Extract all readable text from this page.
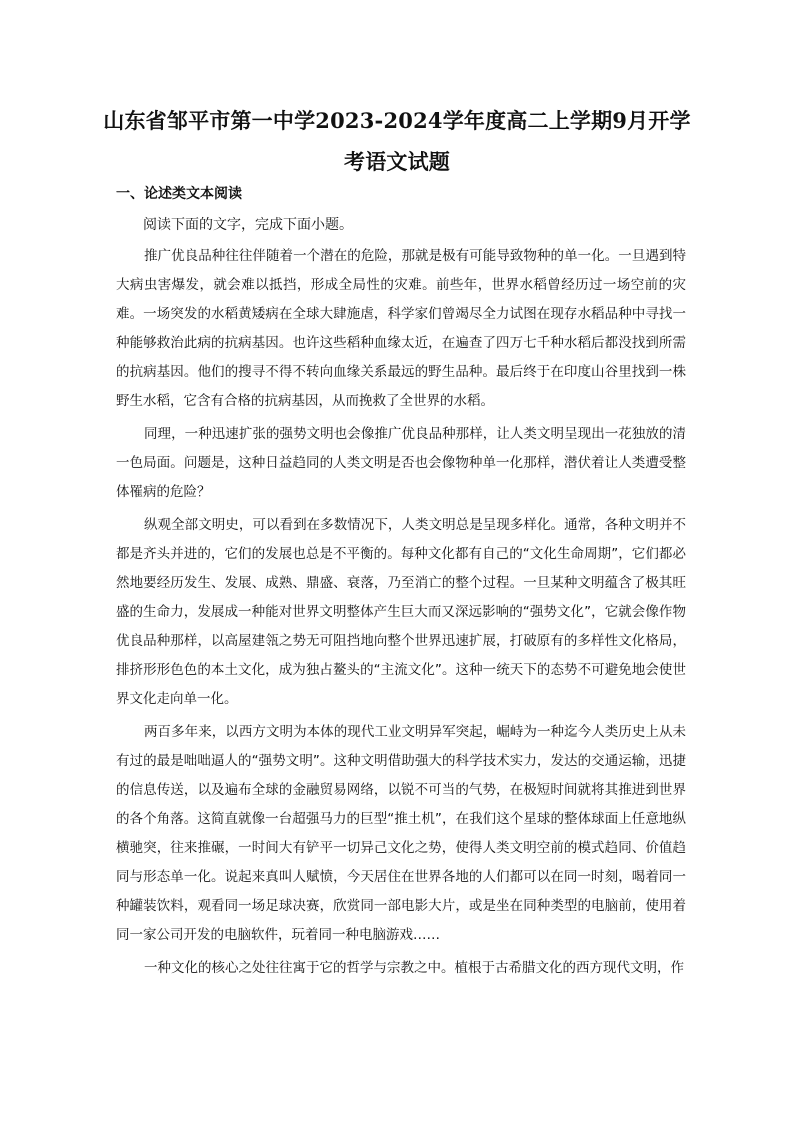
山东省邹平市第一中学2023-2024学年度高二上学期9月开学考语文试题
一、论述类文本阅读
阅读下面的文字，完成下面小题。

推广优良品种往往伴随着一个潜在的危险，那就是极有可能导致物种的单一化。一旦遇到特大病虫害爆发，就会难以抵挡，形成全局性的灾难。前些年，世界水稻曾经历过一场空前的灾难。一场突发的水稻黄矮病在全球大肆施虐，科学家们曾竭尽全力试图在现存水稻品种中寻找一种能够救治此病的抗病基因。也许这些稻种血缘太近，在遍查了四万七千种水稻后都没找到所需的抗病基因。他们的搜寻不得不转向血缘关系最远的野生品种。最后终于在印度山谷里找到一株野生水稻，它含有合格的抗病基因，从而挽救了全世界的水稻。

同理，一种迅速扩张的强势文明也会像推广优良品种那样，让人类文明呈现出一花独放的清一色局面。问题是，这种日益趋同的人类文明是否也会像物种单一化那样，潜伏着让人类遭受整体罹病的危险？

纵观全部文明史，可以看到在多数情况下，人类文明总是呈现多样化。通常，各种文明并不都是齐头并进的，它们的发展也总是不平衡的。每种文化都有自己的“文化生命周期”，它们都必然地要经历发生、发展、成熟、鼎盛、衰落，乃至消亡的整个过程。一旦某种文明蕴含了极其旺盛的生命力，发展成一种能对世界文明整体产生巨大而又深远影响的“强势文化”，它就会像作物优良品种那样，以高屋建瓴之势无可阻挡地向整个世界迅速扩展，打破原有的多样性文化格局，排挤形形色色的本土文化，成为独占鳌头的“主流文化”。这种一统天下的态势不可避免地会使世界文化走向单一化。

两百多年来，以西方文明为本体的现代工业文明异军突起，崛峙为一种迄今人类历史上从未有过的最是咄咄逼人的“强势文明”。这种文明借助强大的科学技术实力，发达的交通运输，迅捷的信息传送，以及遍布全球的金融贸易网络，以锐不可当的气势，在极短时间就将其推进到世界的各个角落。这简直就像一台超强马力的巨型“推土机”，在我们这个星球的整体球面上任意地纵横驰突，往来推碾，一时间大有铲平一切异己文化之势，使得人类文明空前的模式趋同、价值趋同与形态单一化。说起来真叫人赋愤，今天居住在世界各地的人们都可以在同一时刻，喝着同一种罐装饮料，观看同一场足球决赛，欣赏同一部电影大片，或是坐在同种类型的电脑前，使用着同一家公司开发的电脑软件，玩着同一种电脑游戏……

一种文化的核心之处往往寓于它的哲学与宗教之中。植根于古希腊文化的西方现代文明，作
